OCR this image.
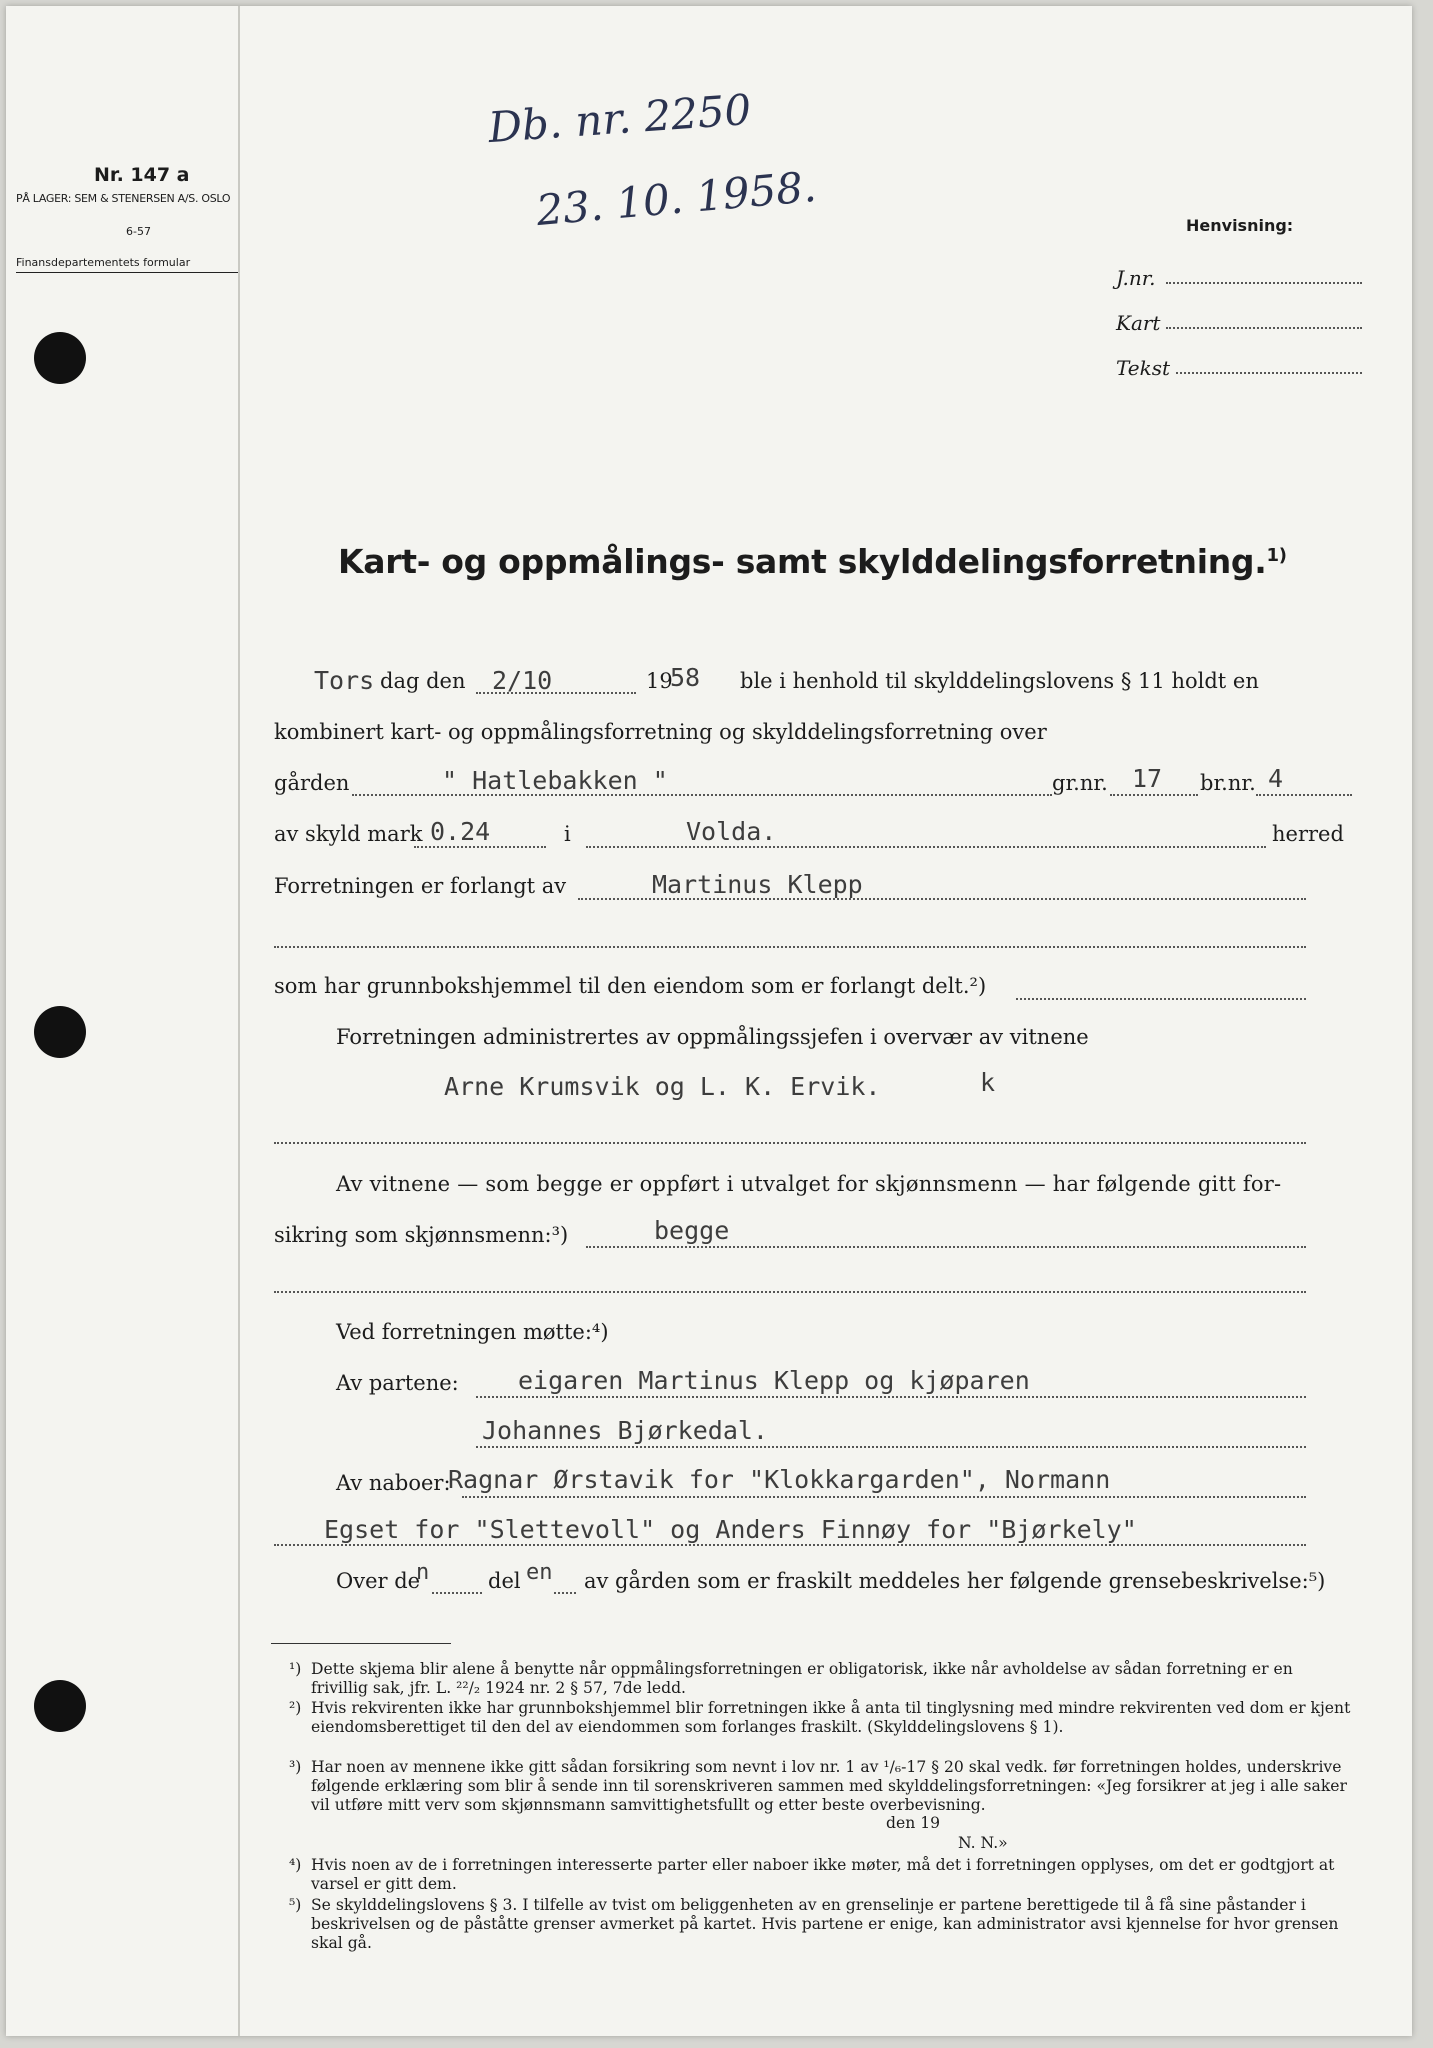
Nr. 147 a
PÅ LAGER: SEM & STENERSEN A/S. OSLO
6-57
Finansdepartementets formular
Db. nr. 2250
23. 10. 1958.	Henvisning:
J.nr.
Kart
Tekst
Kart- og oppmålings- samt skylddelingsforretning.$^{1)}$
Tors dag den 2/10	19
58 ble i henhold til skylddelingslovens § 11 holdt en
kombinert kart- og oppmålingsforretning og skylddelingsforretning over
gården	" Hatlebakken "	gr.nr. 17 br.nr. 4
av skyld mark 0.24	i	Volda.	herred
Forretningen er forlangt av	Martinus Klepp
som har grunnbokshjemmel til den eiendom som er forlangt delt.²)
Forretningen administrertes av oppmålingssjefen i overvær av vitnene
Arne Krumsvik og L. K. Ervik.	k
Av vitnene — som begge er oppført i utvalget for skjønnsmenn — har følgende gitt for-
sikring som skjønnsmenn:³)	begge
Ved forretningen møtte:⁴)
Av partene: eigaren Martinus Klepp og kjøparen
Johannes Bjørkedal.
Av naboer:
Ragnar Ørstavik for "Klokkargarden", Normann
Egset for "Slettevoll" og Anders Finnøy for "Bjørkely"
Over de
n	del en av gården som er fraskilt meddeles her følgende grensebeskrivelse:⁵)
¹) Dette skjema blir alene å benytte når oppmålingsforretningen er obligatorisk, ikke når avholdelse av sådan forretning er en frivillig sak, jfr. L. ²²/₂ 1924 nr. 2 § 57, 7de ledd.
²) Hvis rekvirenten ikke har grunnbokshjemmel blir forretningen ikke å anta til tinglysning med mindre rekvirenten ved dom er kjent eiendomsberettiget til den del av eiendommen som forlanges fraskilt. (Skylddelingslovens § 1).
³) Har noen av mennene ikke gitt sådan forsikring som nevnt i lov nr. 1 av ¹/₆-17 § 20 skal vedk. før forretningen holdes, underskrive følgende erklæring som blir å sende inn til sorenskriveren sammen med skylddelingsforretningen: «Jeg forsikrer at jeg i alle saker vil utføre mitt verv som skjønnsmann samvittighetsfullt og etter beste overbevisning.
den 19
N. N.»
⁴) Hvis noen av de i forretningen interesserte parter eller naboer ikke møter, må det i forretningen opplyses, om det er godtgjort at varsel er gitt dem.
⁵) Se skylddelingslovens § 3. I tilfelle av tvist om beliggenheten av en grenselinje er partene berettigede til å få sine påstander i beskrivelsen og de påståtte grenser avmerket på kartet. Hvis partene er enige, kan administrator avsi kjennelse for hvor grensen skal gå.
